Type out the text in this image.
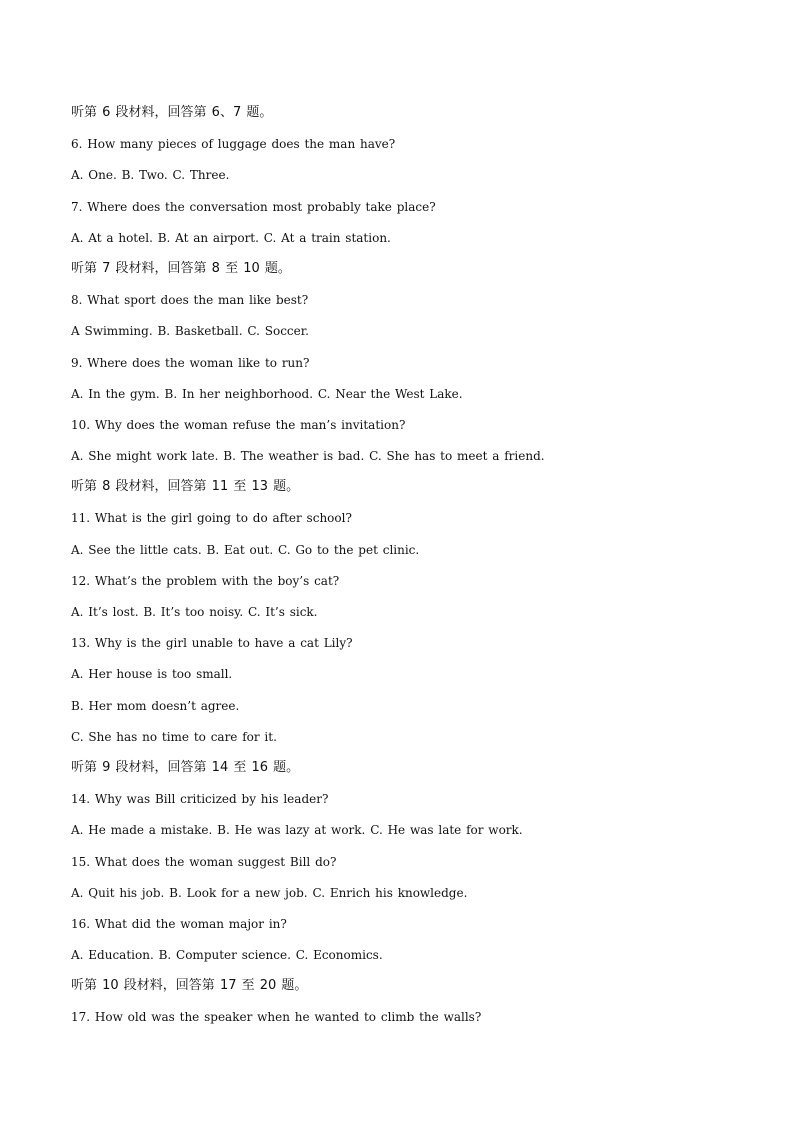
听第 6 段材料，回答第 6、7 题。
6. How many pieces of luggage does the man have?
A. One. B. Two. C. Three.
7. Where does the conversation most probably take place?
A. At a hotel. B. At an airport. C. At a train station.
听第 7 段材料，回答第 8 至 10 题。
8. What sport does the man like best?
A Swimming. B. Basketball. C. Soccer.
9. Where does the woman like to run?
A. In the gym. B. In her neighborhood. C. Near the West Lake.
10. Why does the woman refuse the man’s invitation?
A. She might work late. B. The weather is bad. C. She has to meet a friend.
听第 8 段材料，回答第 11 至 13 题。
11. What is the girl going to do after school?
A. See the little cats. B. Eat out. C. Go to the pet clinic.
12. What’s the problem with the boy’s cat?
A. It’s lost. B. It’s too noisy. C. It’s sick.
13. Why is the girl unable to have a cat Lily?
A. Her house is too small.
B. Her mom doesn’t agree.
C. She has no time to care for it.
听第 9 段材料，回答第 14 至 16 题。
14. Why was Bill criticized by his leader?
A. He made a mistake. B. He was lazy at work. C. He was late for work.
15. What does the woman suggest Bill do?
A. Quit his job. B. Look for a new job. C. Enrich his knowledge.
16. What did the woman major in?
A. Education. B. Computer science. C. Economics.
听第 10 段材料，回答第 17 至 20 题。
17. How old was the speaker when he wanted to climb the walls?
